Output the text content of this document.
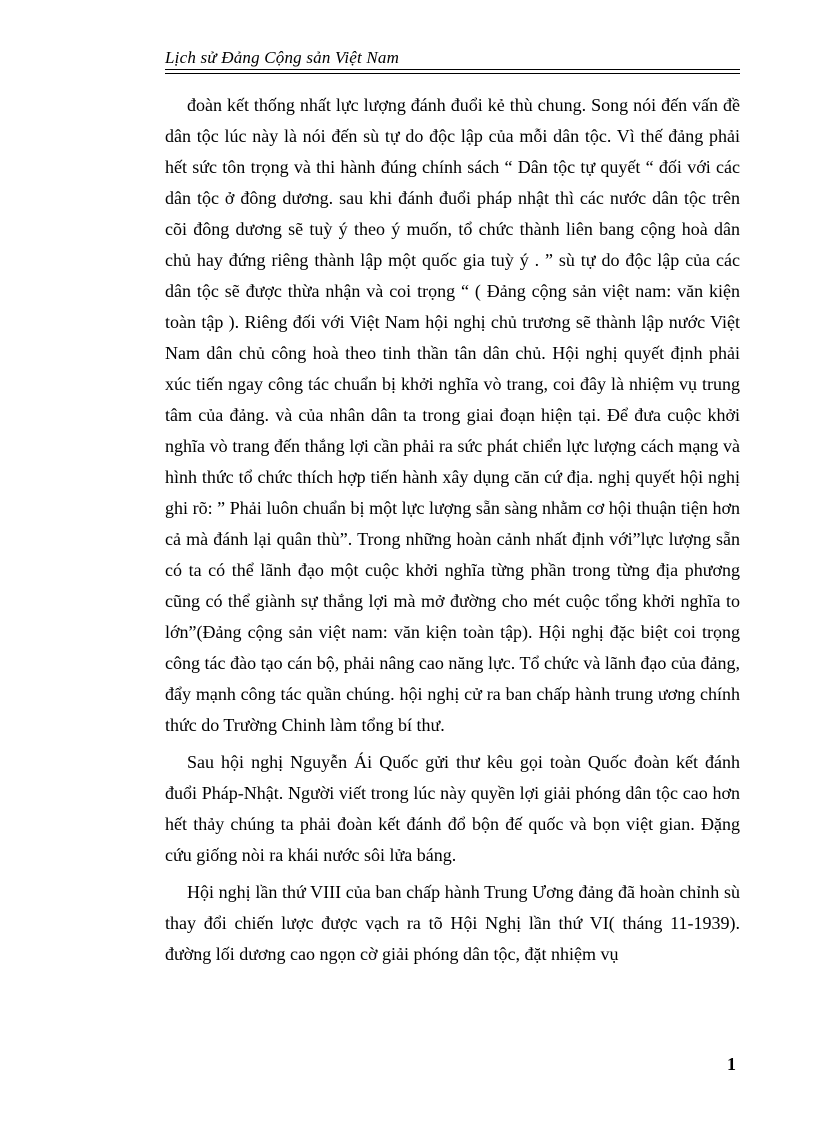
Lịch sử Đảng Cộng sản Việt Nam

đoàn kết thống nhất lực lượng đánh đuổi kẻ thù chung. Song nói đến vấn đề dân tộc lúc này là nói đến sù tự do độc lập của mỗi dân tộc. Vì thế đảng phải hết sức tôn trọng và thi hành đúng chính sách “ Dân tộc tự quyết “ đối với các dân tộc ở đông dương. sau khi đánh đuổi pháp nhật thì các nước dân tộc trên cõi đông dương sẽ tuỳ ý theo ý muốn, tổ chức thành liên bang cộng hoà dân chủ hay đứng riêng thành lập một quốc gia tuỳ ý . ” sù tự do độc lập của các dân tộc sẽ được thừa nhận và coi trọng “ ( Đảng cộng sản việt nam: văn kiện toàn tập ). Riêng đối với Việt Nam hội nghị chủ trương sẽ thành lập nước Việt Nam dân chủ công hoà theo tinh thần tân dân chủ. Hội nghị quyết định phải xúc tiến ngay công tác chuẩn bị khởi nghĩa vò trang, coi đây là nhiệm vụ trung tâm của đảng. và của nhân dân ta trong giai đoạn hiện tại. Để đưa cuộc khởi nghĩa vò trang đến thắng lợi cần phải ra sức phát chiển lực lượng cách mạng và hình thức tổ chức thích hợp tiến hành xây dụng căn cứ địa. nghị quyết hội nghị ghi rõ: ” Phải luôn chuẩn bị một lực lượng sẵn sàng nhằm cơ hội thuận tiện hơn cả mà đánh lại quân thù”. Trong những hoàn cảnh nhất định với”lực lượng sẵn có ta có thể lãnh đạo một cuộc khởi nghĩa từng phần trong từng địa phương cũng có thể giành sự thắng lợi mà mở đường cho mét cuộc tổng khởi nghĩa to lớn”(Đảng cộng sản việt nam: văn kiện toàn tập). Hội nghị đặc biệt coi trọng công tác đào tạo cán bộ, phải nâng cao năng lực. Tổ chức và lãnh đạo của đảng, đẩy mạnh công tác quần chúng. hội nghị cử ra ban chấp hành trung ương chính thức do Trường Chinh làm tổng bí thư.

Sau hội nghị Nguyễn Ái Quốc gửi thư kêu gọi toàn Quốc đoàn kết đánh đuổi Pháp-Nhật. Người viết trong lúc này quyền lợi giải phóng dân tộc cao hơn hết thảy chúng ta phải đoàn kết đánh đổ bộn đế quốc và bọn việt gian. Đặng cứu giống nòi ra khái nước sôi lửa báng.

Hội nghị lần thứ VIII của ban chấp hành Trung Ương đảng đã hoàn chỉnh sù thay đổi chiến lược được vạch ra tõ Hội Nghị lần thứ VI( tháng 11-1939). đường lối dương cao ngọn cờ giải phóng dân tộc, đặt nhiệm vụ

1
